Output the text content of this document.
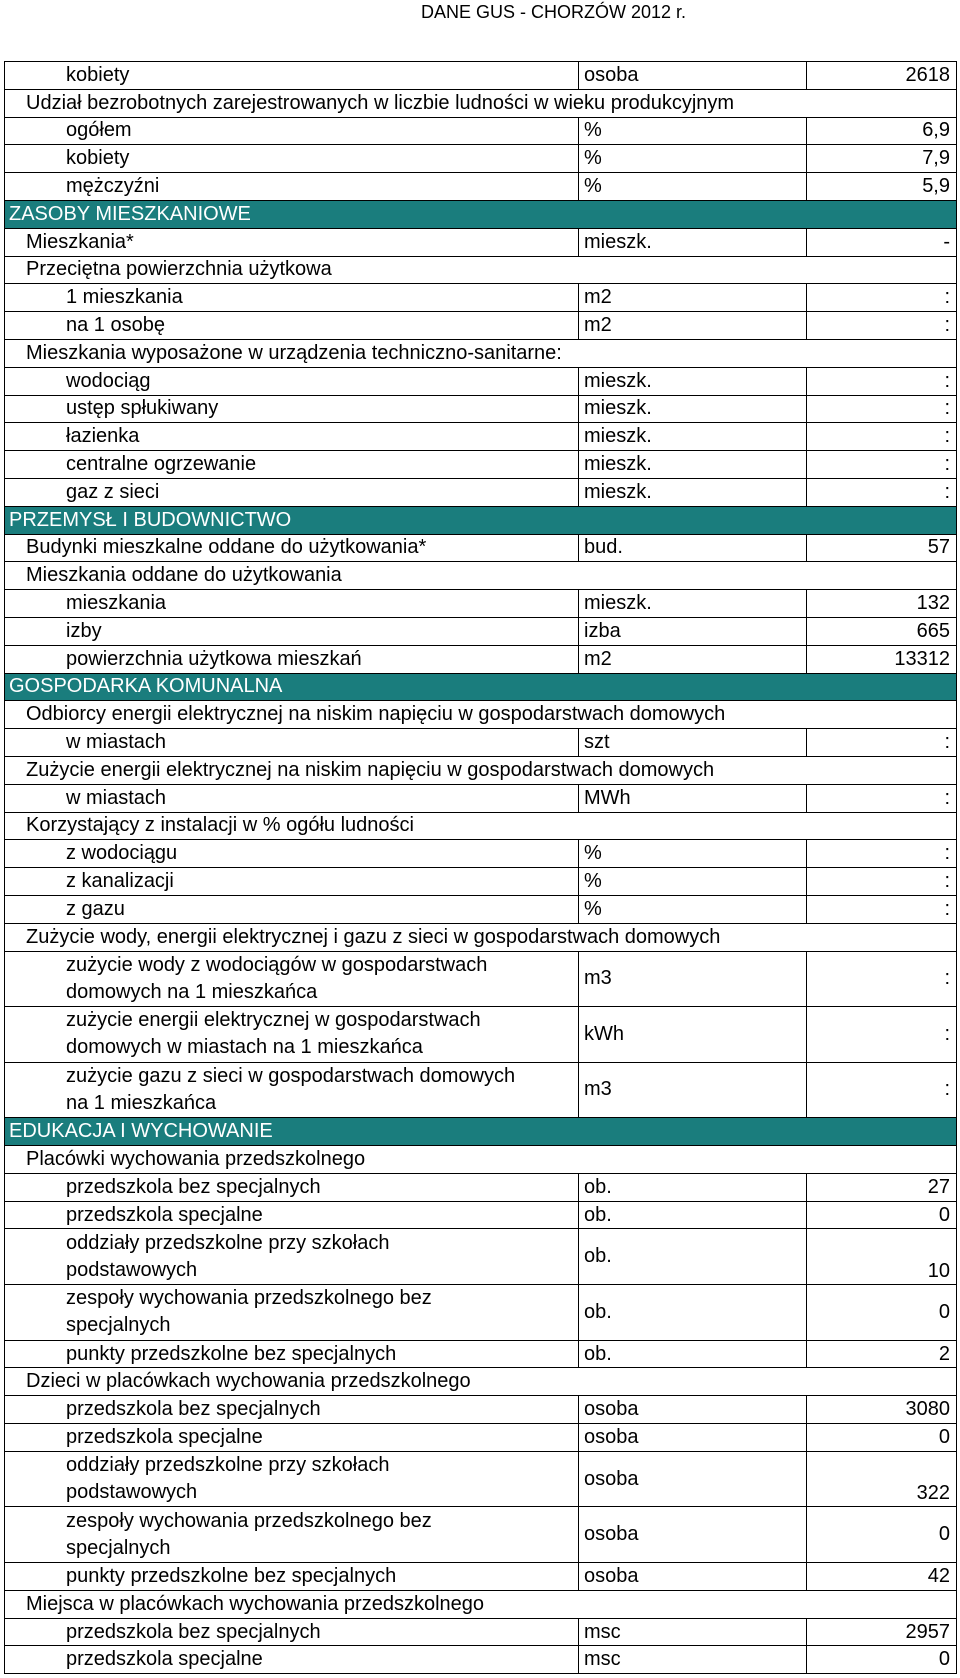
DANE GUS - CHORZÓW 2012 r.
kobiety	osoba	2618
Udział bezrobotnych zarejestrowanych w liczbie ludności w wieku produkcyjnym		
ogółem	%	6,9
kobiety	%	7,9
mężczyźni	%	5,9
ZASOBY MIESZKANIOWE		
Mieszkania*	mieszk.	-
Przeciętna powierzchnia użytkowa		
1 mieszkania	m2	:
na 1 osobę	m2	:
Mieszkania wyposażone w urządzenia techniczno-sanitarne:		
wodociąg	mieszk.	:
ustęp spłukiwany	mieszk.	:
łazienka	mieszk.	:
centralne ogrzewanie	mieszk.	:
gaz z sieci	mieszk.	:
PRZEMYSŁ I BUDOWNICTWO		
Budynki mieszkalne oddane do użytkowania*	bud.	57
Mieszkania oddane do użytkowania		
mieszkania	mieszk.	132
izby	izba	665
powierzchnia użytkowa mieszkań	m2	13312
GOSPODARKA KOMUNALNA		
Odbiorcy energii elektrycznej na niskim napięciu w gospodarstwach domowych		
w miastach	szt	:
Zużycie energii elektrycznej na niskim napięciu w gospodarstwach domowych		
w miastach	MWh	:
Korzystający z instalacji w % ogółu ludności		
z wodociągu	%	:
z kanalizacji	%	:
z gazu	%	:
Zużycie wody, energii elektrycznej i gazu z sieci w gospodarstwach domowych		

zużycie wody z wodociągów w gospodarstwach
domowych na 1 mieszkańca	m3	:

zużycie energii elektrycznej w gospodarstwach
domowych w miastach na 1 mieszkańca	kWh	:

zużycie gazu z sieci w gospodarstwach domowych
na 1 mieszkańca	m3	:
EDUKACJA I WYCHOWANIE		
Placówki wychowania przedszkolnego		
przedszkola bez specjalnych	ob.	27
przedszkola specjalne	ob.	0

oddziały przedszkolne przy szkołach
podstawowych	ob.	10

zespoły wychowania przedszkolnego bez
specjalnych	ob.	0
punkty przedszkolne bez specjalnych	ob.	2
Dzieci w placówkach wychowania przedszkolnego		
przedszkola bez specjalnych	osoba	3080
przedszkola specjalne	osoba	0

oddziały przedszkolne przy szkołach
podstawowych	osoba	322

zespoły wychowania przedszkolnego bez
specjalnych	osoba	0
punkty przedszkolne bez specjalnych	osoba	42
Miejsca w placówkach wychowania przedszkolnego		
przedszkola bez specjalnych	msc	2957
przedszkola specjalne	msc	0
